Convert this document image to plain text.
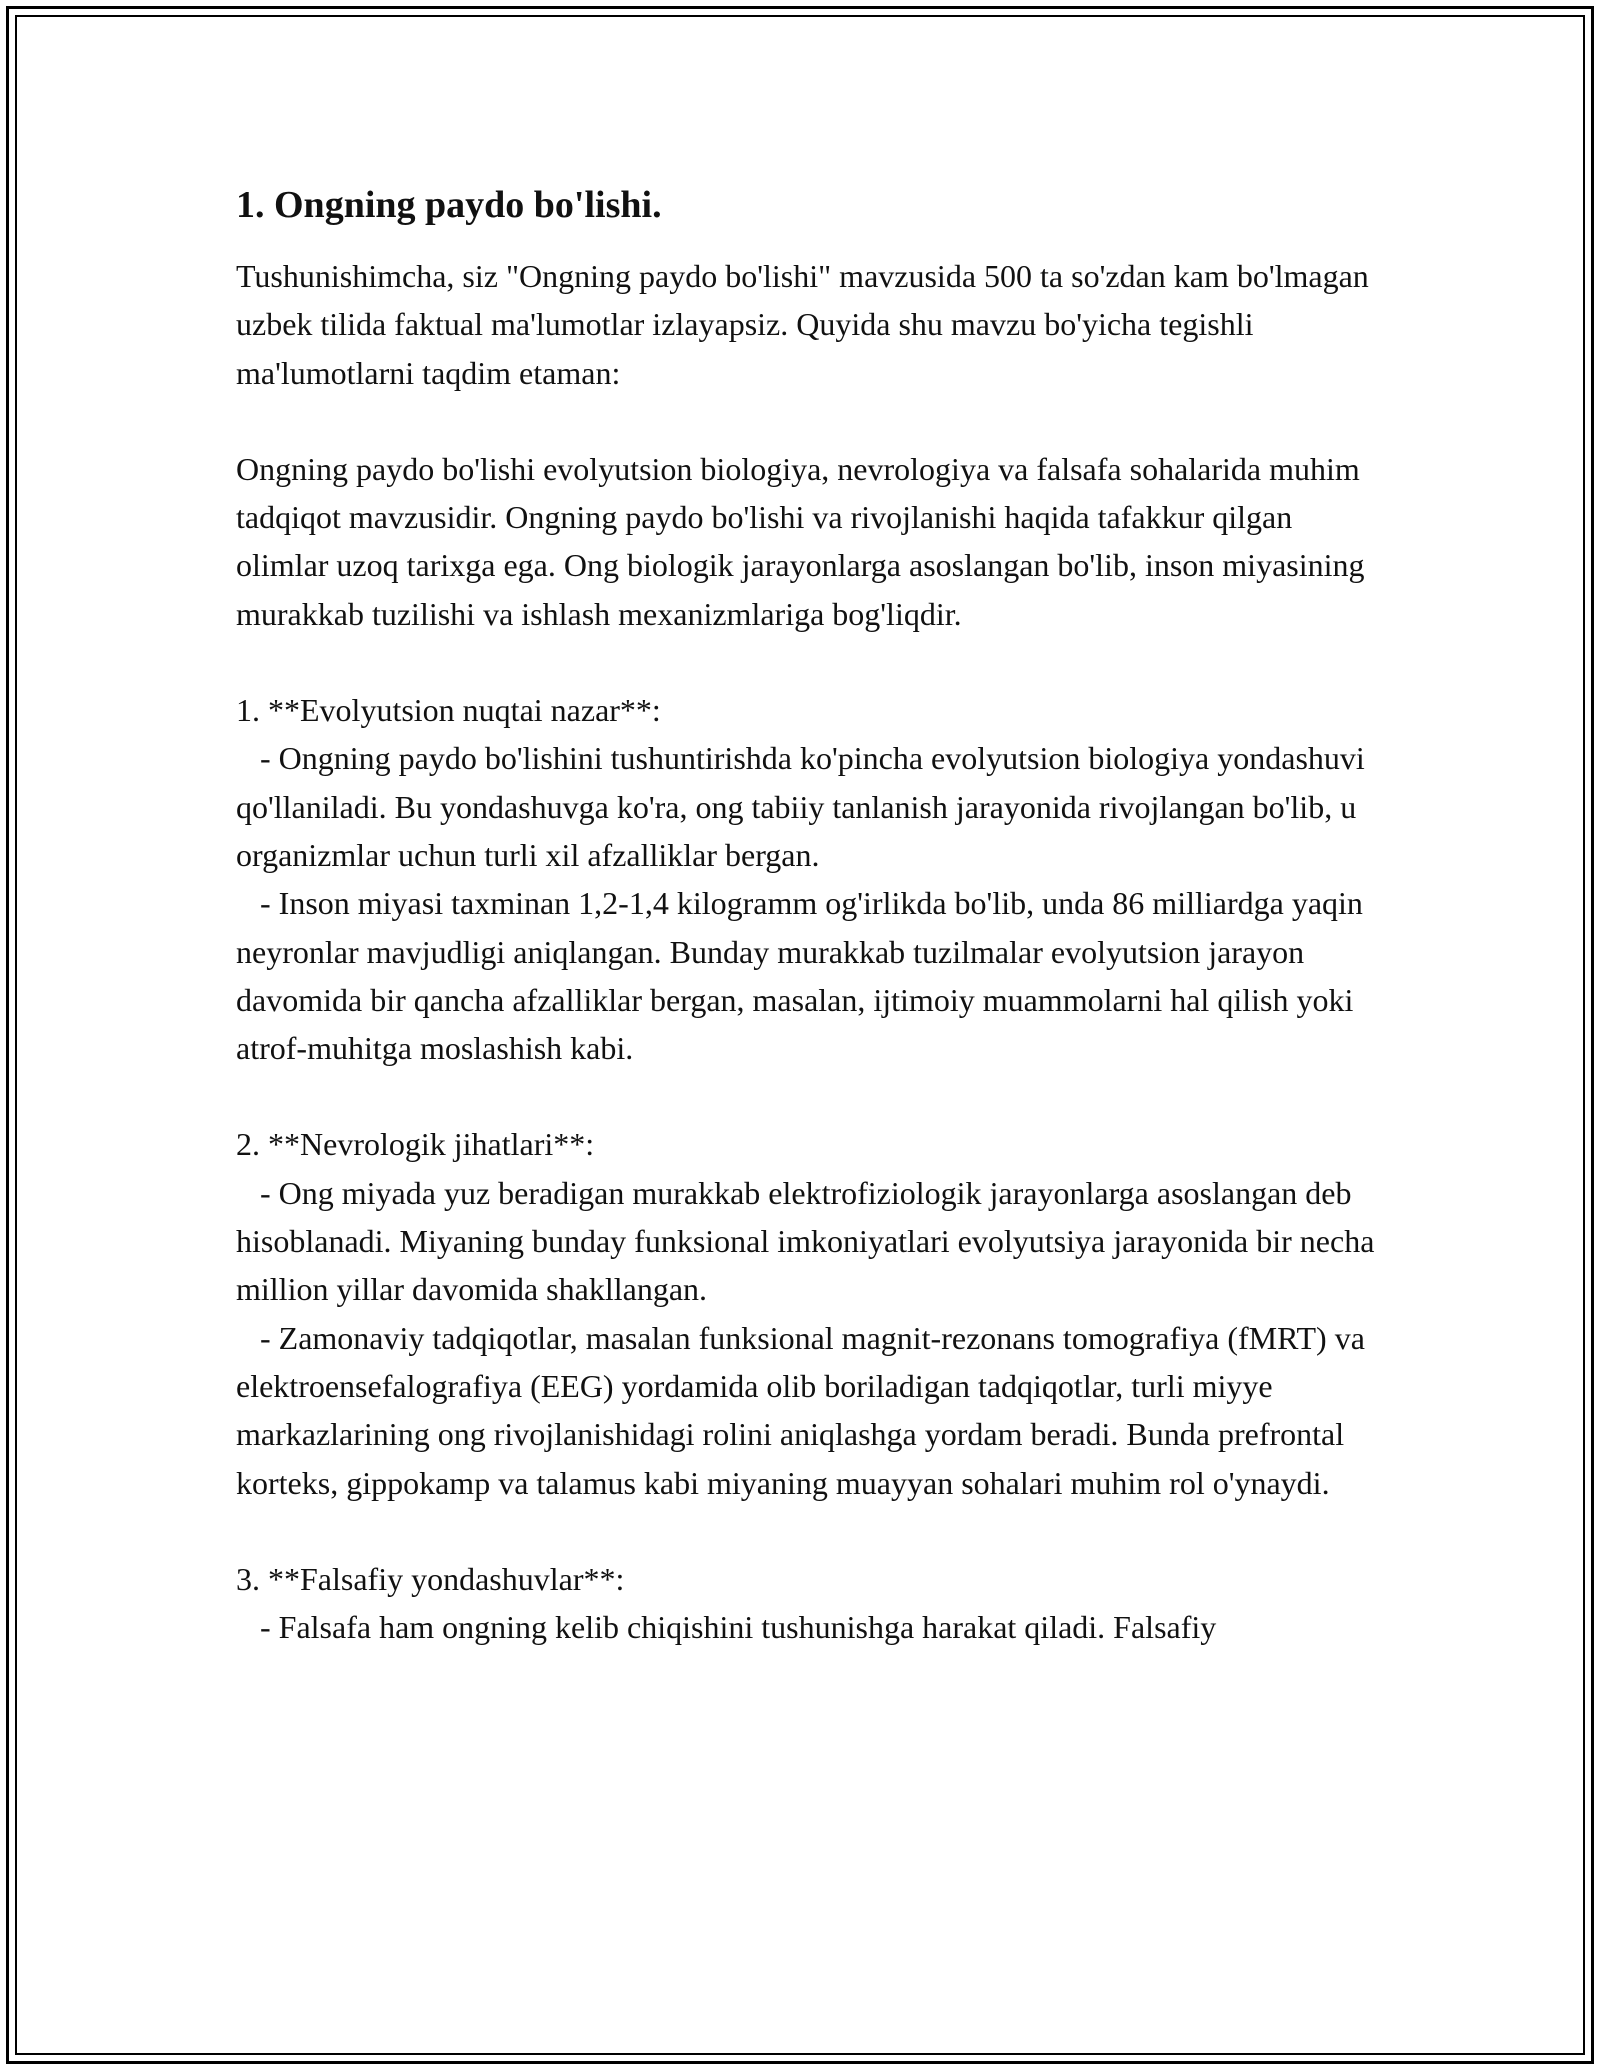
1. Ongning paydo bo'lishi.

Tushunishimcha, siz "Ongning paydo bo'lishi" mavzusida 500 ta so'zdan kam bo'lmagan uzbek tilida faktual ma'lumotlar izlayapsiz. Quyida shu mavzu bo'yicha tegishli ma'lumotlarni taqdim etaman:

Ongning paydo bo'lishi evolyutsion biologiya, nevrologiya va falsafa sohalarida muhim tadqiqot mavzusidir. Ongning paydo bo'lishi va rivojlanishi haqida tafakkur qilgan olimlar uzoq tarixga ega. Ong biologik jarayonlarga asoslangan bo'lib, inson miyasining murakkab tuzilishi va ishlash mexanizmlariga bog'liqdir.

1. **Evolyutsion nuqtai nazar**:
- Ongning paydo bo'lishini tushuntirishda ko'pincha evolyutsion biologiya yondashuvi qo'llaniladi. Bu yondashuvga ko'ra, ong tabiiy tanlanish jarayonida rivojlangan bo'lib, u organizmlar uchun turli xil afzalliklar bergan.
- Inson miyasi taxminan 1,2-1,4 kilogramm og'irlikda bo'lib, unda 86 milliardga yaqin neyronlar mavjudligi aniqlangan. Bunday murakkab tuzilmalar evolyutsion jarayon davomida bir qancha afzalliklar bergan, masalan, ijtimoiy muammolarni hal qilish yoki atrof-muhitga moslashish kabi.
2. **Nevrologik jihatlari**:
- Ong miyada yuz beradigan murakkab elektrofiziologik jarayonlarga asoslangan deb hisoblanadi. Miyaning bunday funksional imkoniyatlari evolyutsiya jarayonida bir necha million yillar davomida shakllangan.
- Zamonaviy tadqiqotlar, masalan funksional magnit-rezonans tomografiya (fMRT) va elektroensefalografiya (EEG) yordamida olib boriladigan tadqiqotlar, turli miyye markazlarining ong rivojlanishidagi rolini aniqlashga yordam beradi. Bunda prefrontal korteks, gippokamp va talamus kabi miyaning muayyan sohalari muhim rol o'ynaydi.
3. **Falsafiy yondashuvlar**:
- Falsafa ham ongning kelib chiqishini tushunishga harakat qiladi. Falsafiy
